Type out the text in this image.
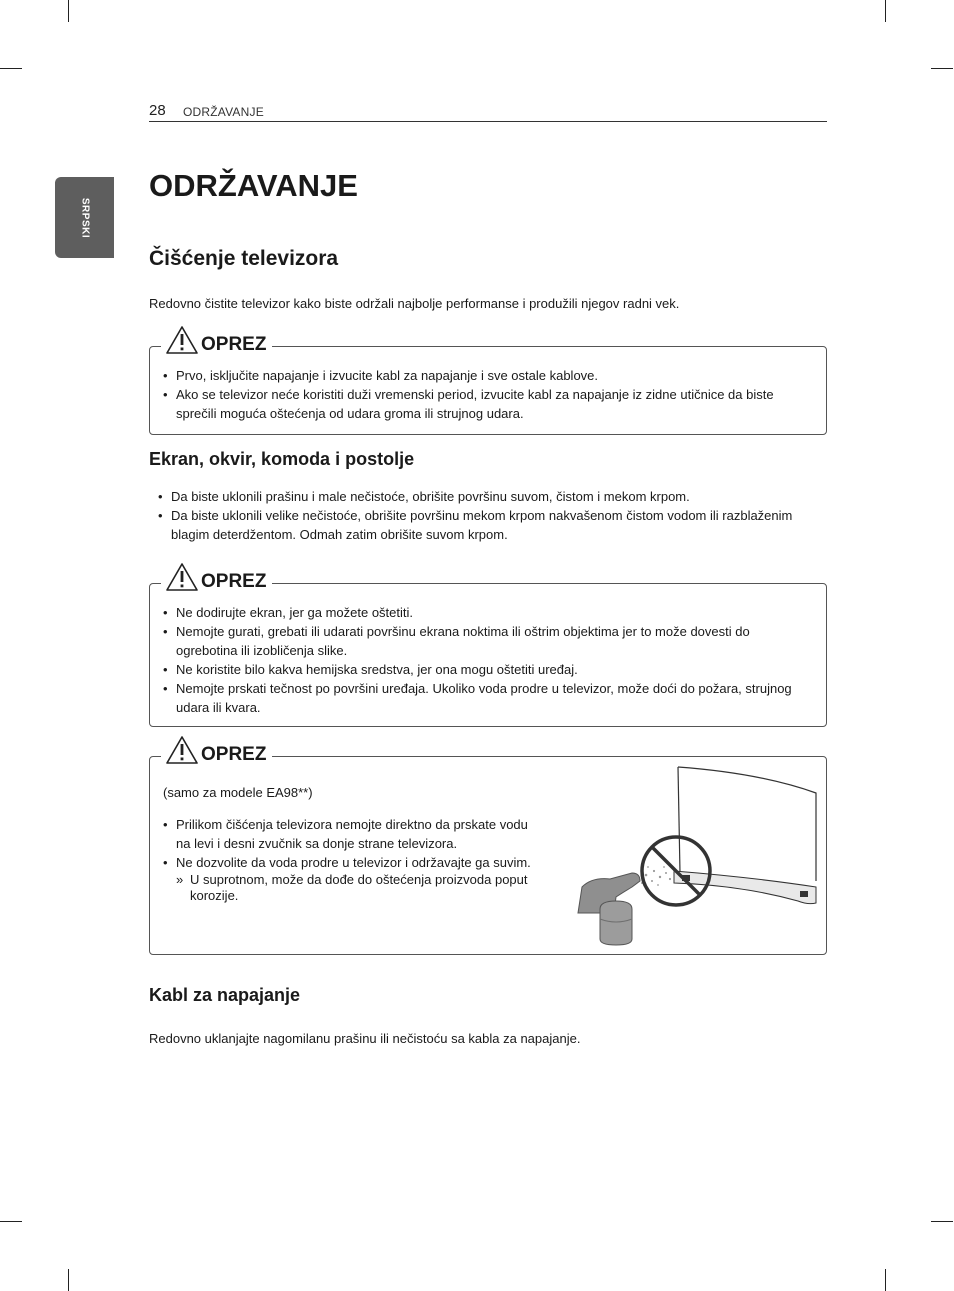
28 ODRŽAVANJE
SRPSKI
ODRŽAVANJE
Čišćenje televizora
Redovno čistite televizor kako biste održali najbolje performanse i produžili njegov radni vek.
OPREZ
• Prvo, isključite napajanje i izvucite kabl za napajanje i sve ostale kablove.
• Ako se televizor neće koristiti duži vremenski period, izvucite kabl za napajanje iz zidne utičnice da biste sprečili moguća oštećenja od udara groma ili strujnog udara.
Ekran, okvir, komoda i postolje
• Da biste uklonili prašinu i male nečistoće, obrišite površinu suvom, čistom i mekom krpom.
• Da biste uklonili velike nečistoće, obrišite površinu mekom krpom nakvašenom čistom vodom ili razblaženim blagim deterdžentom. Odmah zatim obrišite suvom krpom.
OPREZ
• Ne dodirujte ekran, jer ga možete oštetiti.
• Nemojte gurati, grebati ili udarati površinu ekrana noktima ili oštrim objektima jer to može dovesti do ogrebotina ili izobličenja slike.
• Ne koristite bilo kakva hemijska sredstva, jer ona mogu oštetiti uređaj.
• Nemojte prskati tečnost po površini uređaja. Ukoliko voda prodre u televizor, može doći do požara, strujnog udara ili kvara.
OPREZ
(samo za modele EA98**)
• Prilikom čišćenja televizora nemojte direktno da prskate vodu na levi i desni zvučnik sa donje strane televizora.
• Ne dozvolite da voda prodre u televizor i održavajte ga suvim.
» U suprotnom, može da dođe do oštećenja proizvoda poput korozije.
Kabl za napajanje
Redovno uklanjajte nagomilanu prašinu ili nečistoću sa kabla za napajanje.
